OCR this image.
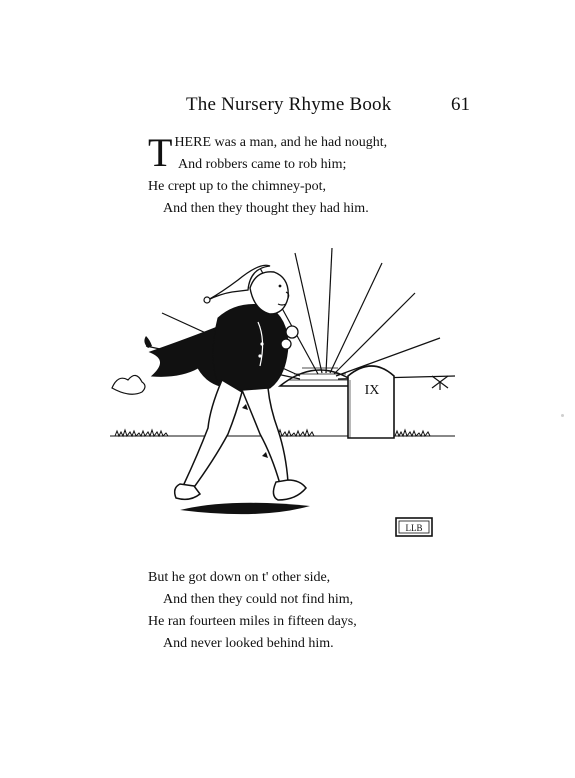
The Nursery Rhyme Book	61
T HERE was a man, and he had nought,
And robbers came to rob him;
He crept up to the chimney-pot,
And then they thought they had him.
IX
LLB
But he got down on t' other side,
And then they could not find him,
He ran fourteen miles in fifteen days,
And never looked behind him.
